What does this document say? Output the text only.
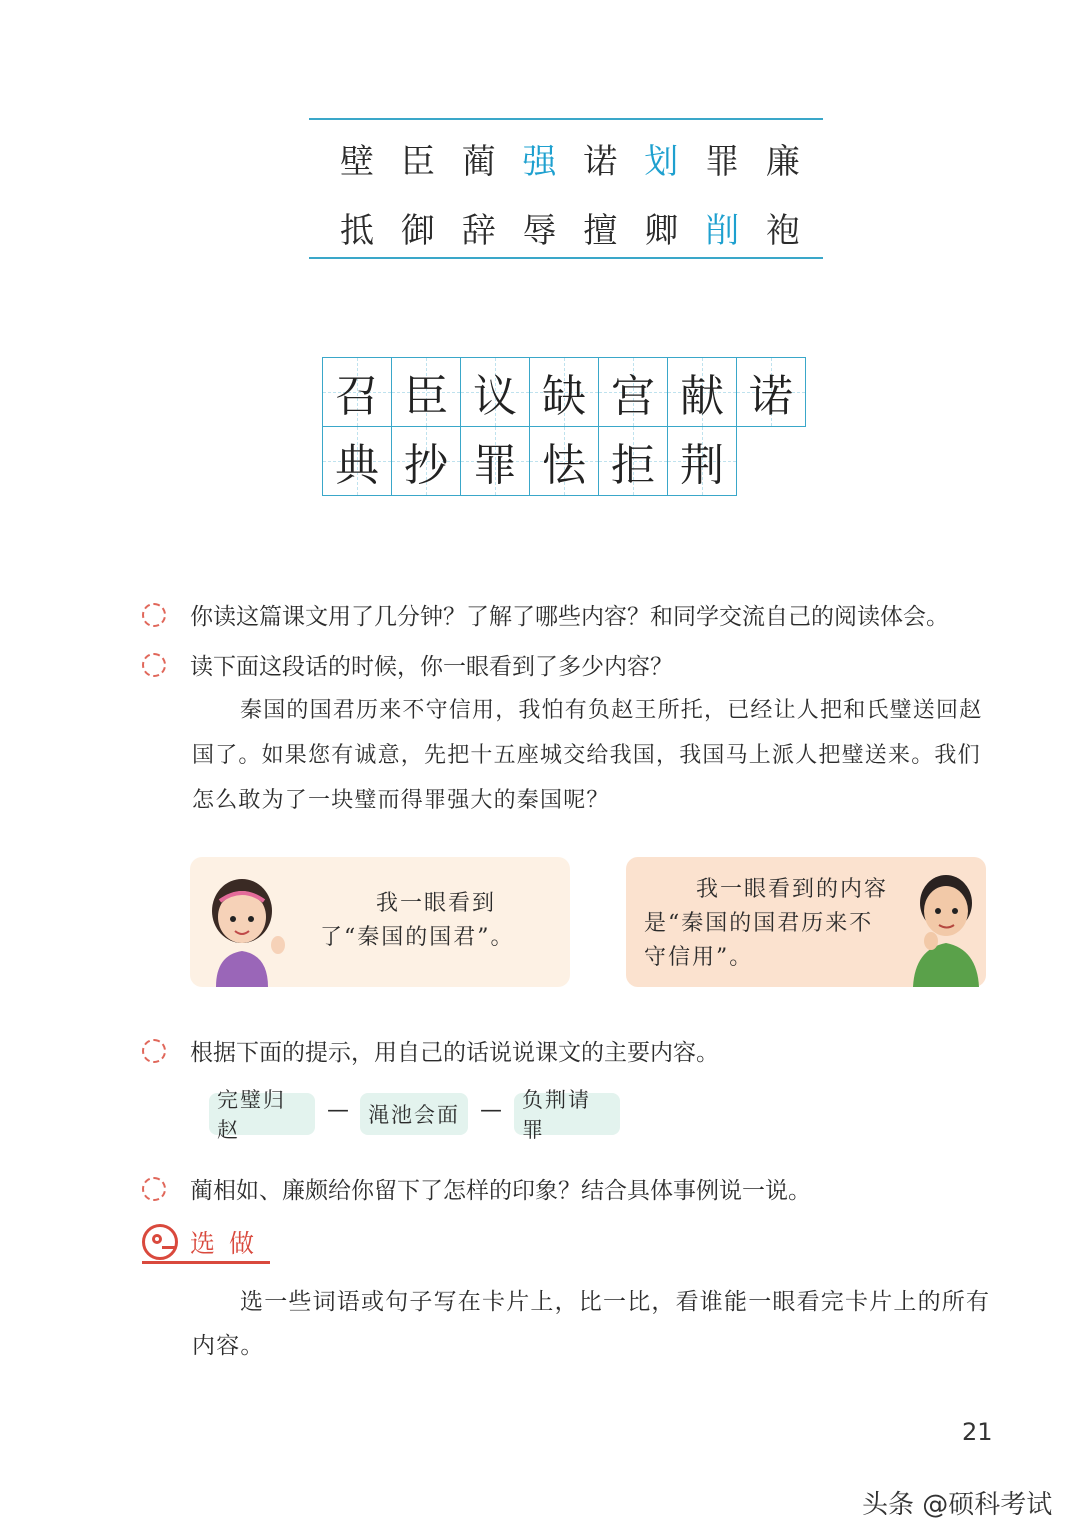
壁 臣 蔺 强 诺 划 罪 廉
抵 御 辞 辱 擅 卿 削 袍
召 臣 议 缺 宫 献 诺
典 抄 罪 怯 拒 荆
你读这篇课文用了几分钟？了解了哪些内容？和同学交流自己的阅读体会。
读下面这段话的时候，你一眼看到了多少内容？
秦国的国君历来不守信用，我怕有负赵王所托，已经让人把和氏璧送回赵国了。如果您有诚意，先把十五座城交给我国，我国马上派人把璧送来。我们怎么敢为了一块璧而得罪强大的秦国呢？
我一眼看到了“秦国的国君”。
我一眼看到的内容是“秦国的国君历来不守信用”。
根据下面的提示，用自己的话说说课文的主要内容。
完璧归赵
— 渑池会面 — 负荆请罪
蔺相如、廉颇给你留下了怎样的印象？结合具体事例说一说。
选做
选一些词语或句子写在卡片上，比一比，看谁能一眼看完卡片上的所有内容。
21
头条 @硕科考试
